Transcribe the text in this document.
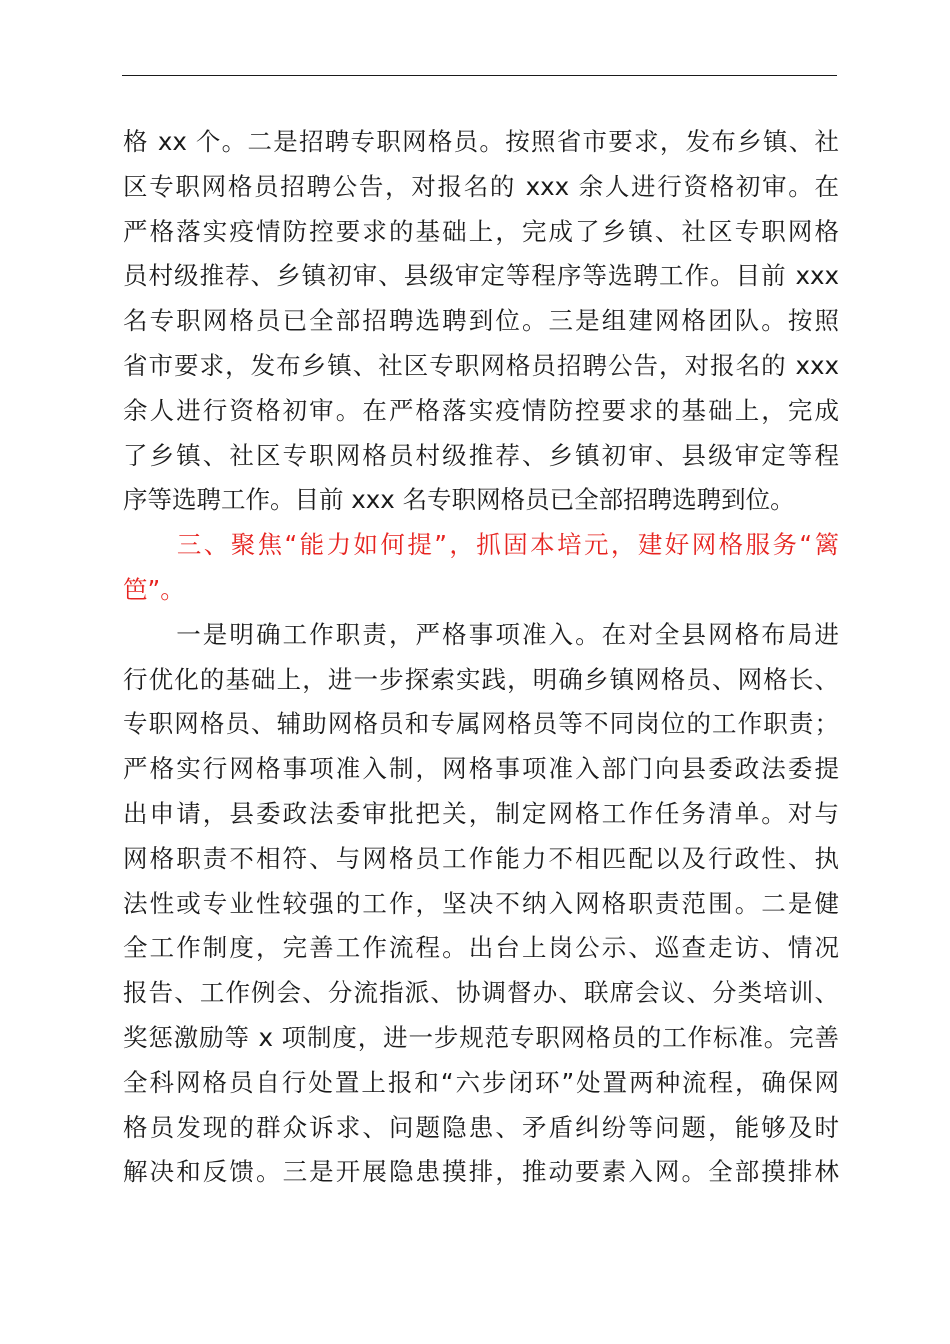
格 xx 个。二是招聘专职网格员。按照省市要求，发布乡镇、社
区专职网格员招聘公告，对报名的 xxx 余人进行资格初审。在
严格落实疫情防控要求的基础上，完成了乡镇、社区专职网格
员村级推荐、乡镇初审、县级审定等程序等选聘工作。目前 xxx
名专职网格员已全部招聘选聘到位。三是组建网格团队。按照
省市要求，发布乡镇、社区专职网格员招聘公告，对报名的 xxx
余人进行资格初审。在严格落实疫情防控要求的基础上，完成
了乡镇、社区专职网格员村级推荐、乡镇初审、县级审定等程
序等选聘工作。目前 xxx 名专职网格员已全部招聘选聘到位。
　　三、聚焦“能力如何提”，抓固本培元，建好网格服务“篱
笆”。
　　一是明确工作职责，严格事项准入。在对全县网格布局进
行优化的基础上，进一步探索实践，明确乡镇网格员、网格长、
专职网格员、辅助网格员和专属网格员等不同岗位的工作职责；
严格实行网格事项准入制，网格事项准入部门向县委政法委提
出申请，县委政法委审批把关，制定网格工作任务清单。对与
网格职责不相符、与网格员工作能力不相匹配以及行政性、执
法性或专业性较强的工作，坚决不纳入网格职责范围。二是健
全工作制度，完善工作流程。出台上岗公示、巡查走访、情况
报告、工作例会、分流指派、协调督办、联席会议、分类培训、
奖惩激励等 x 项制度，进一步规范专职网格员的工作标准。完善
全科网格员自行处置上报和“六步闭环”处置两种流程，确保网
格员发现的群众诉求、问题隐患、矛盾纠纷等问题，能够及时
解决和反馈。三是开展隐患摸排，推动要素入网。全部摸排林
